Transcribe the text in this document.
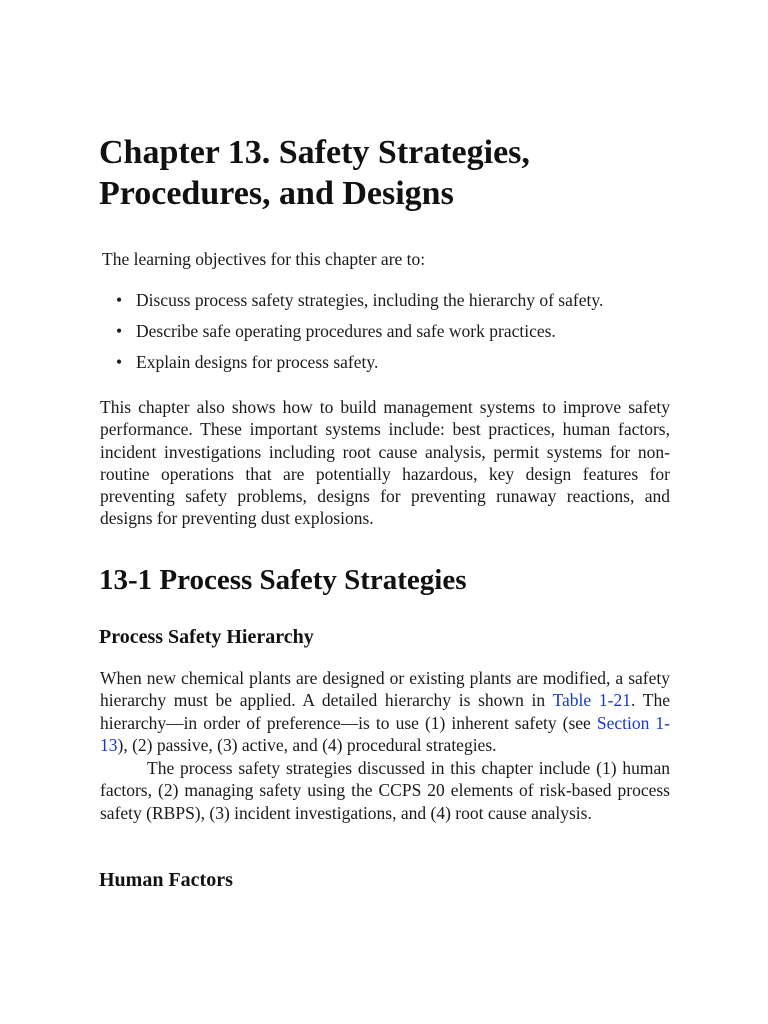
Chapter 13. Safety Strategies,
Procedures, and Designs

The learning objectives for this chapter are to:

• Discuss process safety strategies, including the hierarchy of safety.
• Describe safe operating procedures and safe work practices.
• Explain designs for process safety.

This chapter also shows how to build management systems to improve safety performance. These important systems include: best practices, human factors, incident investigations including root cause analysis, permit systems for non-routine operations that are potentially hazardous, key design features for preventing safety problems, designs for preventing runaway reactions, and designs for preventing dust explosions.

13-1 Process Safety Strategies
Process Safety Hierarchy

When new chemical plants are designed or existing plants are modified, a safety hierarchy must be applied. A detailed hierarchy is shown in Table 1-21. The hierarchy—in order of preference—is to use (1) inherent safety (see Section 1-13), (2) passive, (3) active, and (4) procedural strategies.

The process safety strategies discussed in this chapter include (1) human factors, (2) managing safety using the CCPS 20 elements of risk-based process safety (RBPS), (3) incident investigations, and (4) root cause analysis.

Human Factors
